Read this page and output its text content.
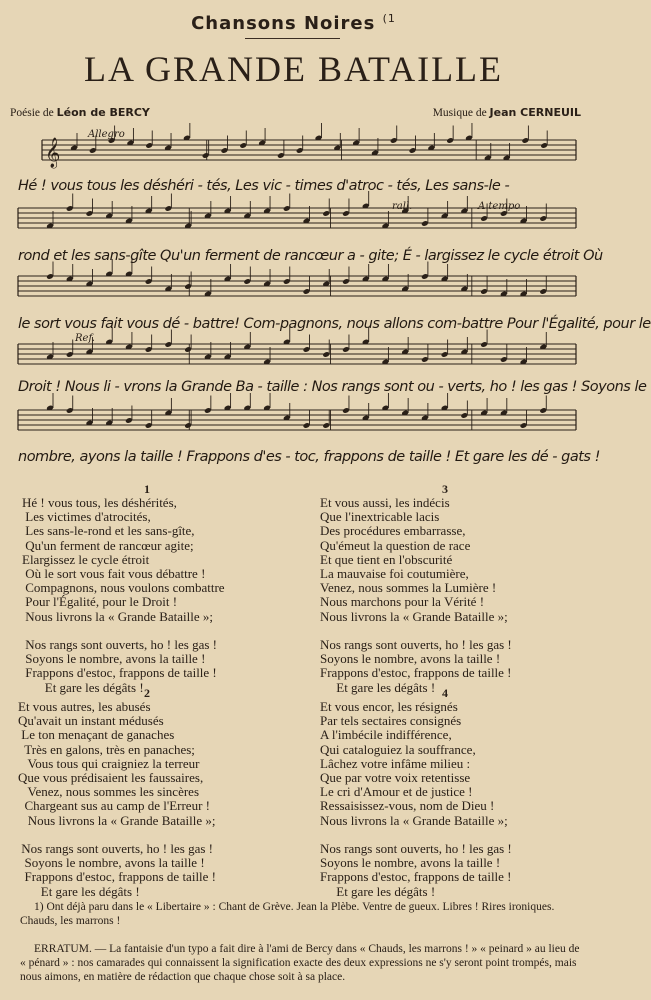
Chansons Noires $^{(1}$
LA GRANDE BATAILLE
Poésie de Léon de BERCY	Musique de Jean CERNEUIL
𝄞
Allegro
rall.	A tempo
Ref.
Hé ! vous tous les déshéri - tés, Les vic - times d'atroc - tés, Les sans-le -
rond et les sans-gîte Qu'un ferment de rancœur a - gite; É - largissez le cycle étroit Où
le sort vous fait vous dé - battre! Com-pagnons, nous allons com-battre Pour l'Égalité, pour le
Droit ! Nous li - vrons la Grande Ba - taille : Nos rangs sont ou - verts, ho ! les gas ! Soyons le
nombre, ayons la taille ! Frappons d'es - toc, frappons de taille ! Et gare les dé - gats !
1
Hé ! vous tous, les déshérités,
Les victimes d'atrocités,
Les sans-le-rond et les sans-gîte,
Qu'un ferment de rancœur agite;
Elargissez le cycle étroit
Où le sort vous fait vous débattre !
Compagnons, nous voulons combattre
Pour l'Égalité, pour le Droit !
Nous livrons la « Grande Bataille »;

Nos rangs sont ouverts, ho ! les gas !
Soyons le nombre, avons la taille !
Frappons d'estoc, frappons de taille !
Et gare les dégâts !
3
Et vous aussi, les indécis
Que l'inextricable lacis
Des procédures embarrasse,
Qu'émeut la question de race
Et que tient en l'obscurité
La mauvaise foi coutumière,
Venez, nous sommes la Lumière !
Nous marchons pour la Vérité !
Nous livrons la « Grande Bataille »;

Nos rangs sont ouverts, ho ! les gas !
Soyons le nombre, avons la taille !
Frappons d'estoc, frappons de taille !
Et gare les dégâts !
2
Et vous autres, les abusés
Qu'avait un instant médusés
Le ton menaçant de ganaches
Très en galons, très en panaches;
Vous tous qui craigniez la terreur
Que vous prédisaient les faussaires,
Venez, nous sommes les sincères
Chargeant sus au camp de l'Erreur !
Nous livrons la « Grande Bataille »;

Nos rangs sont ouverts, ho ! les gas !
Soyons le nombre, avons la taille !
Frappons d'estoc, frappons de taille !
Et gare les dégâts !
4
Et vous encor, les résignés
Par tels sectaires consignés
A l'imbécile indifférence,
Qui cataloguiez la souffrance,
Lâchez votre infâme milieu :
Que par votre voix retentisse
Le cri d'Amour et de justice !
Ressaisissez-vous, nom de Dieu !
Nous livrons la « Grande Bataille »;

Nos rangs sont ouverts, ho ! les gas !
Soyons le nombre, avons la taille !
Frappons d'estoc, frappons de taille !
Et gare les dégâts !
1) Ont déjà paru dans le « Libertaire » : Chant de Grève. Jean la Plèbe. Ventre de gueux. Libres ! Rires ironiques. Chauds, les marrons !
ERRATUM. — La fantaisie d'un typo a fait dire à l'ami de Bercy dans « Chauds, les marrons ! » « peinard » au lieu de « pénard » : nos camarades qui connaissent la signification exacte des deux expressions ne s'y seront point trompés, mais nous aimons, en matière de rédaction que chaque chose soit à sa place.
